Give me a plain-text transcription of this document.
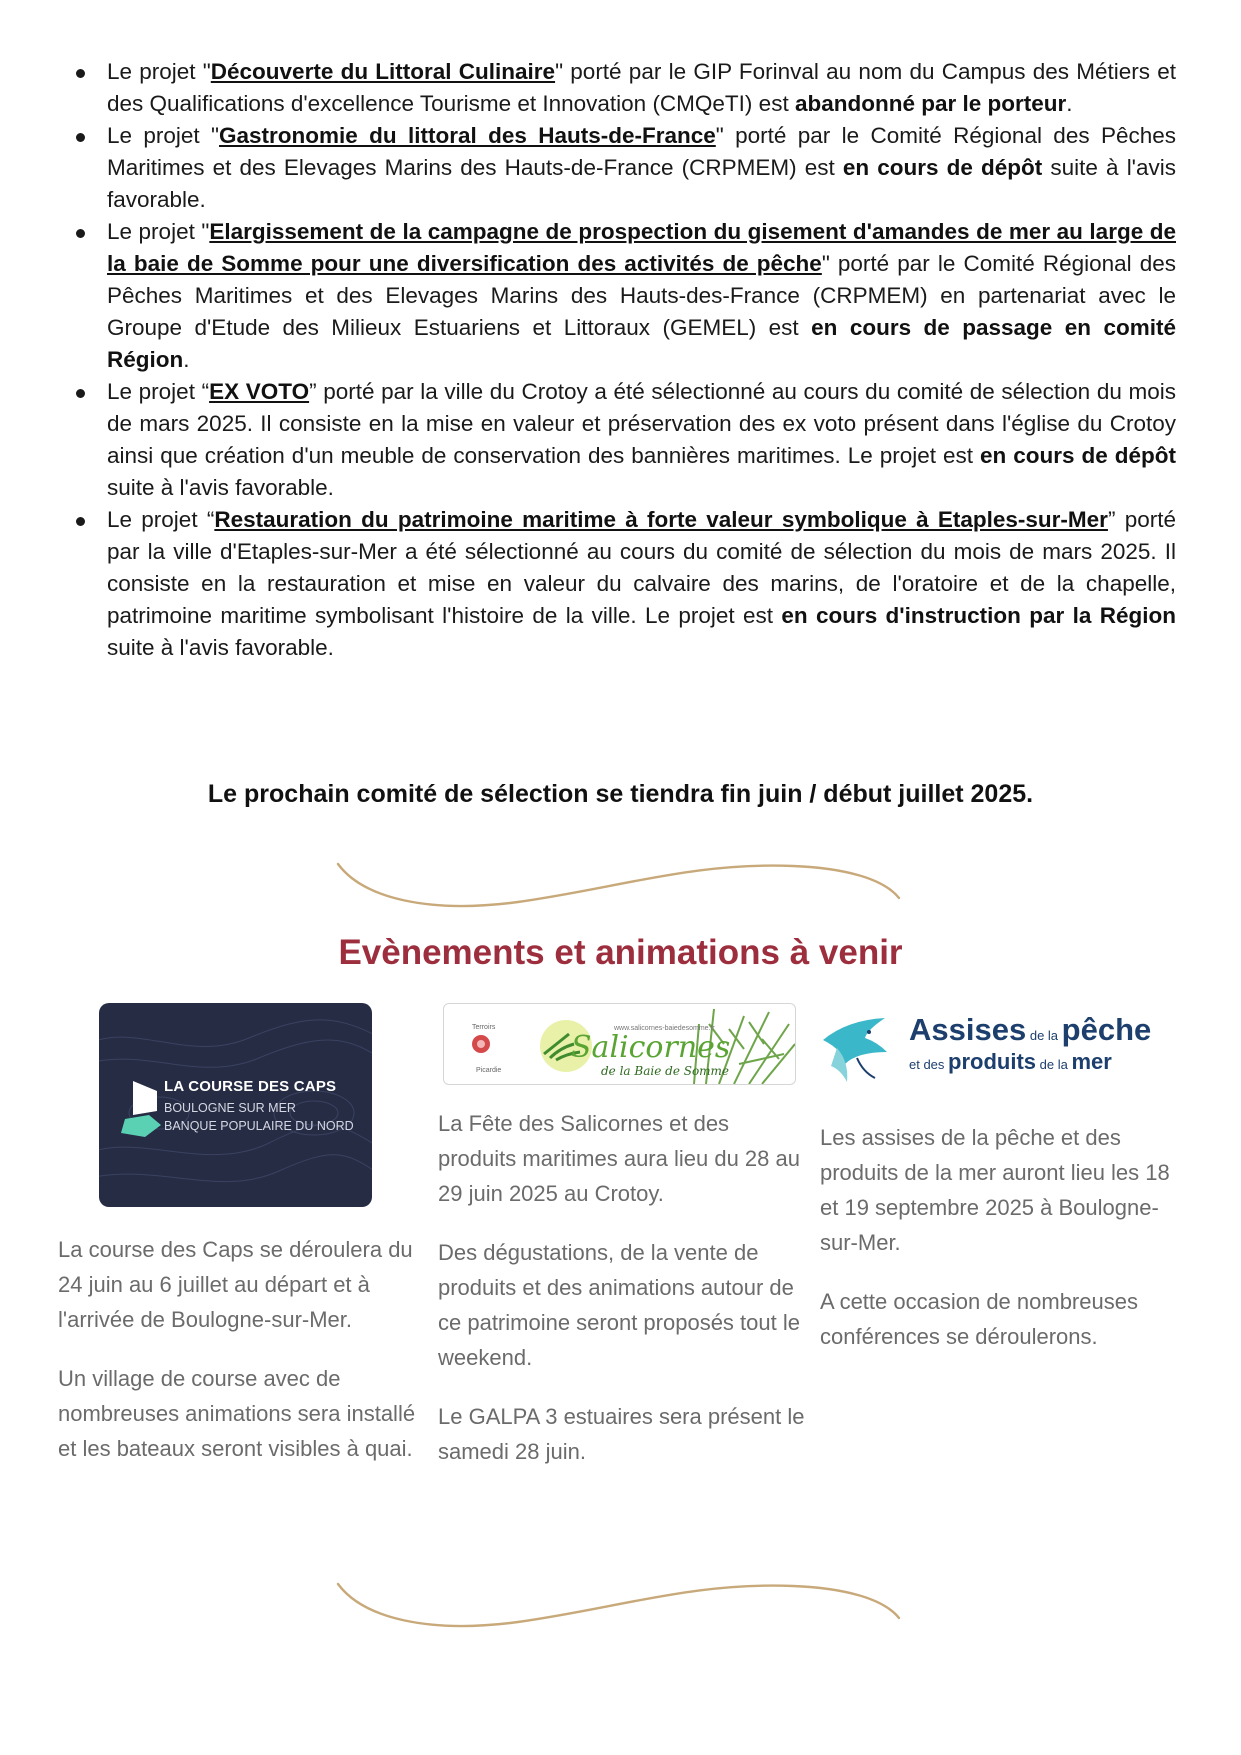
Le projet "Découverte du Littoral Culinaire" porté par le GIP Forinval au nom du Campus des Métiers et des Qualifications d'excellence Tourisme et Innovation (CMQeTI) est abandonné par le porteur.
Le projet "Gastronomie du littoral des Hauts-de-France" porté par le Comité Régional des Pêches Maritimes et des Elevages Marins des Hauts-de-France (CRPMEM) est en cours de dépôt suite à l'avis favorable.
Le projet "Elargissement de la campagne de prospection du gisement d'amandes de mer au large de la baie de Somme pour une diversification des activités de pêche" porté par le Comité Régional des Pêches Maritimes et des Elevages Marins des Hauts-des-France (CRPMEM) en partenariat avec le Groupe d'Etude des Milieux Estuariens et Littoraux (GEMEL) est en cours de passage en comité Région.
Le projet “EX VOTO” porté par la ville du Crotoy a été sélectionné au cours du comité de sélection du mois de mars 2025. Il consiste en la mise en valeur et préservation des ex voto présent dans l'église du Crotoy ainsi que création d'un meuble de conservation des bannières maritimes. Le projet est en cours de dépôt suite à l'avis favorable.
Le projet “Restauration du patrimoine maritime à forte valeur symbolique à Etaples-sur-Mer” porté par la ville d'Etaples-sur-Mer a été sélectionné au cours du comité de sélection du mois de mars 2025. Il consiste en la restauration et mise en valeur du calvaire des marins, de l'oratoire et de la chapelle, patrimoine maritime symbolisant l'histoire de la ville. Le projet est en cours d'instruction par la Région suite à l'avis favorable.

Le prochain comité de sélection se tiendra fin juin / début juillet 2025.

Evènements et animations à venir
LA COURSE DES CAPS
BOULOGNE SUR MER
BANQUE POPULAIRE DU NORD
Terroirs
Picardie
www.salicornes-baiedesomme.fr
Salicornes
de la Baie de Somme
Assises de la pêche
et des produits de la mer

La course des Caps se déroulera du 24 juin au 6 juillet au départ et à l'arrivée de Boulogne-sur-Mer.

Un village de course avec de nombreuses animations sera installé et les bateaux seront visibles à quai.

La Fête des Salicornes et des produits maritimes aura lieu du 28 au 29 juin 2025 au Crotoy.

Des dégustations, de la vente de produits et des animations autour de ce patrimoine seront proposés tout le weekend.

Le GALPA 3 estuaires sera présent le samedi 28 juin.

Les assises de la pêche et des produits de la mer auront lieu les 18 et 19 septembre 2025 à Boulogne-sur-Mer.

A cette occasion de nombreuses conférences se déroulerons.
